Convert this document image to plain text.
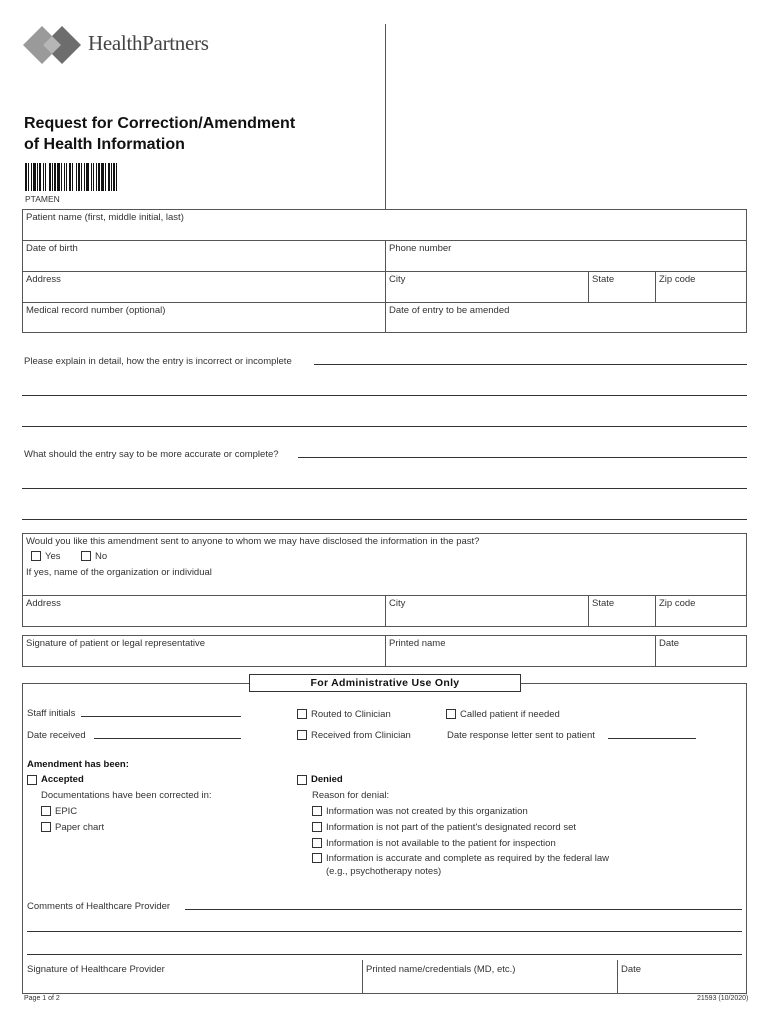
HealthPartners
Request for Correction/Amendment
of Health Information
PTAMEN
Patient name (first, middle initial, last)
Date of birth	Phone number
Address	City	State	Zip code
Medical record number (optional)	Date of entry to be amended
Please explain in detail, how the entry is incorrect or incomplete
What should the entry say to be more accurate or complete?
Would you like this amendment sent to anyone to whom we may have disclosed the information in the past?
Yes	No
If yes, name of the organization or individual
Address	City	State	Zip code
Signature of patient or legal representative	Printed name	Date
For Administrative Use Only
Staff initials
Date received
Routed to Clinician	Called patient if needed
Received from Clinician	Date response letter sent to patient
Amendment has been:
Accepted
Documentations have been corrected in:
EPIC
Paper chart
Denied
Reason for denial:
Information was not created by this organization
Information is not part of the patient's designated record set
Information is not available to the patient for inspection
Information is accurate and complete as required by the federal law
(e.g., psychotherapy notes)
Comments of Healthcare Provider
Signature of Healthcare Provider	Printed name/credentials (MD, etc.)	Date
Page 1 of 2	21593 (10/2020)
